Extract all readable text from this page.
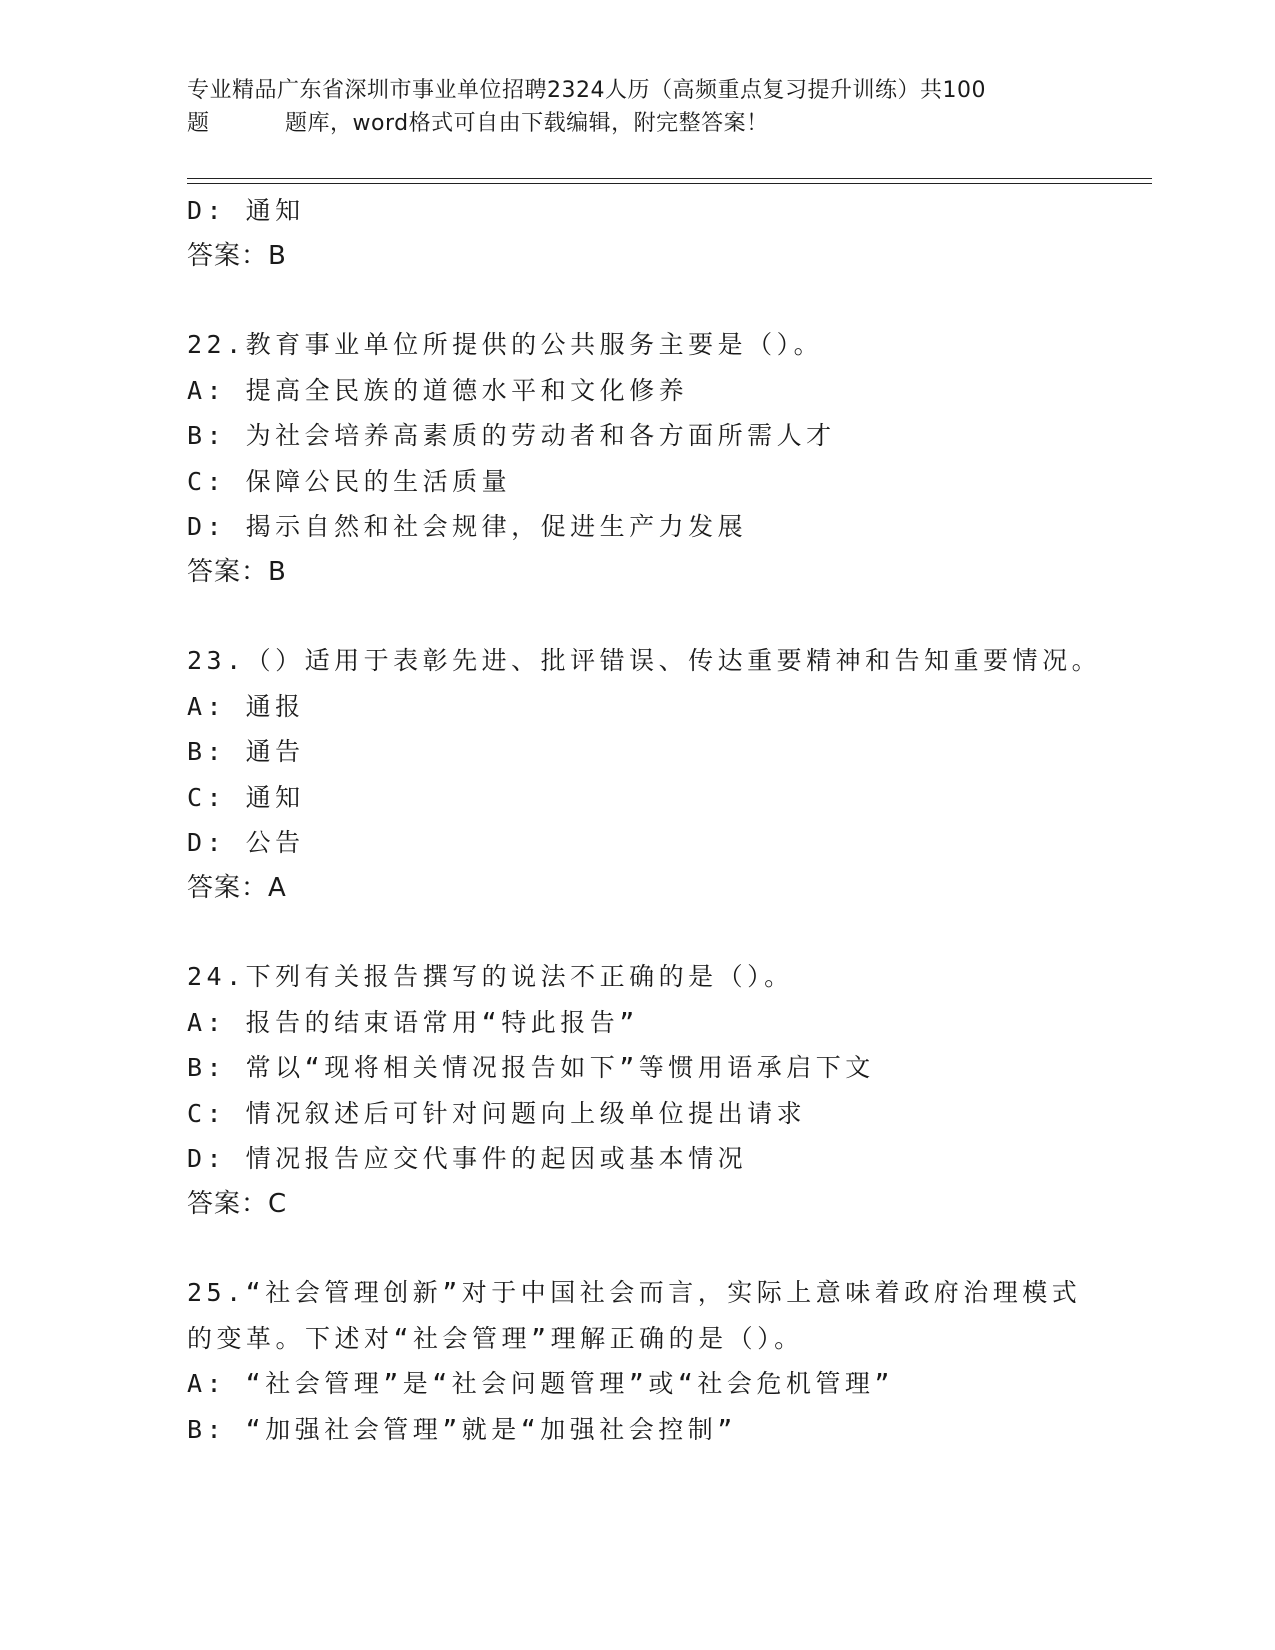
专业精品广东省深圳市事业单位招聘2324人历（高频重点复习提升训练）共100
题	题库，word格式可自由下载编辑，附完整答案！
D: 通知
答案：B
22.教育事业单位所提供的公共服务主要是（）。
A: 提高全民族的道德水平和文化修养
B: 为社会培养高素质的劳动者和各方面所需人才
C: 保障公民的生活质量
D: 揭示自然和社会规律，促进生产力发展
答案：B
23.（）适用于表彰先进、批评错误、传达重要精神和告知重要情况。
A: 通报
B: 通告
C: 通知
D: 公告
答案：A
24.下列有关报告撰写的说法不正确的是（）。
A: 报告的结束语常用“特此报告”
B: 常以“现将相关情况报告如下”等惯用语承启下文
C: 情况叙述后可针对问题向上级单位提出请求
D: 情况报告应交代事件的起因或基本情况
答案：C
25.“社会管理创新”对于中国社会而言，实际上意味着政府治理模式
的变革。下述对“社会管理”理解正确的是（）。
A: “社会管理”是“社会问题管理”或“社会危机管理”
B: “加强社会管理”就是“加强社会控制”
